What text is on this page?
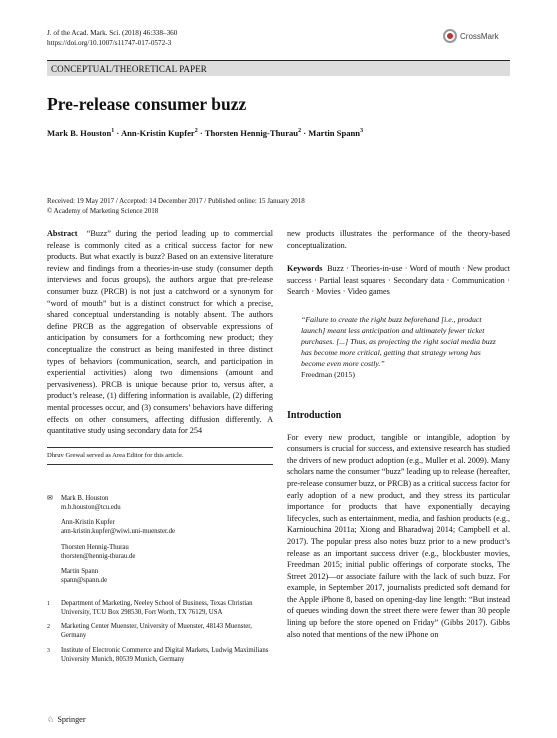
J. of the Acad. Mark. Sci. (2018) 46:338–360
https://doi.org/10.1007/s11747-017-0572-3
CrossMark
CONCEPTUAL/THEORETICAL PAPER
Pre-release consumer buzz
Mark B. Houston$^1$ · Ann-Kristin Kupfer$^2$ · Thorsten Hennig-Thurau$^2$ · Martin Spann$^3$
Received: 19 May 2017 / Accepted: 14 December 2017 / Published online: 15 January 2018
© Academy of Marketing Science 2018

Abstract “Buzz” during the period leading up to commercial release is commonly cited as a critical success factor for new products. But what exactly is buzz? Based on an extensive literature review and findings from a theories-in-use study (consumer depth interviews and focus groups), the authors argue that pre-release consumer buzz (PRCB) is not just a catchword or a synonym for “word of mouth” but is a distinct construct for which a precise, shared conceptual understanding is notably absent. The authors define PRCB as the aggregation of observable expressions of anticipation by consumers for a forthcoming new product; they conceptualize the construct as being manifested in three distinct types of behaviors (communication, search, and participation in experiential activities) along two dimensions (amount and pervasiveness). PRCB is unique because prior to, versus after, a product’s release, (1) differing information is available, (2) differing mental processes occur, and (3) consumers’ behaviors have differing effects on other consumers, affecting diffusion differently. A quantitative study using secondary data for 254

Dhruv Grewal served as Area Editor for this article.
✉	Mark B. Houston
m.b.houston@tcu.edu
Ann-Kristin Kupfer
ann-kristin.kupfer@wiwi.uni-muenster.de
Thorsten Hennig-Thurau
thorsten@hennig-thurau.de
Martin Spann
spann@spann.de
1	Department of Marketing, Neeley School of Business, Texas Christian University, TCU Box 298530, Fort Worth, TX 76129, USA
2	Marketing Center Muenster, University of Muenster, 48143 Muenster, Germany
3	Institute of Electronic Commerce and Digital Markets, Ludwig Maximilians University Munich, 80539 Munich, Germany
♘ Springer

new products illustrates the performance of the theory-based conceptualization.

Keywords Buzz · Theories-in-use · Word of mouth · New product success · Partial least squares · Secondary data · Communication · Search · Movies · Video games

“Failure to create the right buzz beforehand [i.e., product launch] meant less anticipation and ultimately fewer ticket purchases. [...] Thus, as projecting the right social media buzz has become more critical, getting that strategy wrong has become even more costly.”
Freedman (2015)
Introduction

For every new product, tangible or intangible, adoption by consumers is crucial for success, and extensive research has studied the drivers of new product adoption (e.g., Muller et al. 2009). Many scholars name the consumer “buzz” leading up to release (hereafter, pre-release consumer buzz, or PRCB) as a critical success factor for early adoption of a new product, and they stress its particular importance for products that have exponentially decaying lifecycles, such as entertainment, media, and fashion products (e.g., Karniouchina 2011a; Xiong and Bharadwaj 2014; Campbell et al. 2017). The popular press also notes buzz prior to a new product’s release as an important success driver (e.g., blockbuster movies, Freedman 2015; initial public offerings of corporate stocks, The Street 2012)—or associate failure with the lack of such buzz. For example, in September 2017, journalists predicted soft demand for the Apple iPhone 8, based on opening-day line length: “But instead of queues winding down the street there were fewer than 30 people lining up before the store opened on Friday” (Gibbs 2017). Gibbs also noted that mentions of the new iPhone on
